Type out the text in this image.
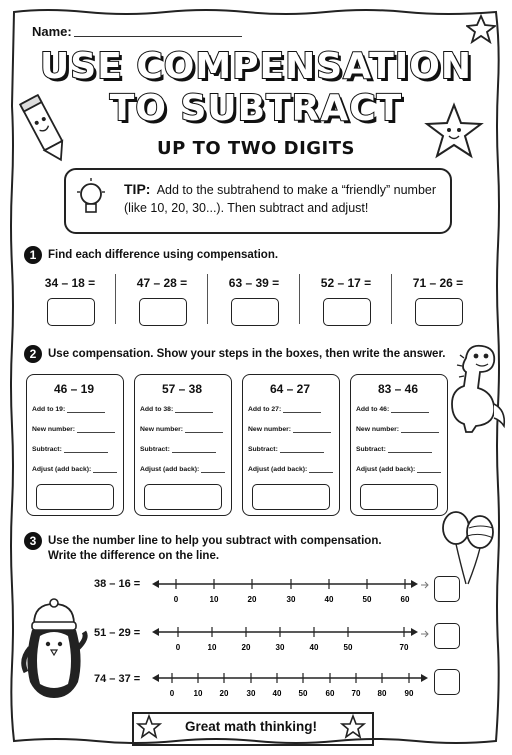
Name:
USE COMPENSATION
TO SUBTRACT
UP TO TWO DIGITS
TIP: Add to the subtrahend to make a “friendly” number
(like 10, 20, 30...). Then subtract and adjust!
1	Find each difference using compensation.
34 – 18 =	47 – 28 =	63 – 39 =	52 – 17 =	71 – 26 =
2	Use compensation. Show your steps in the boxes, then write the answer.
46 – 19
Add to 19:
New number:
Subtract:
Adjust (add back):
57 – 38
Add to 38:
New number:
Subtract:
Adjust (add back):
64 – 27
Add to 27:
New number:
Subtract:
Adjust (add back):
83 – 46
Add to 46:
New number:
Subtract:
Adjust (add back):
3	Use the number line to help you subtract with compensation.
Write the difference on the line.
38 – 16 =
0	10	20	30	40	50	60
51 – 29 =
0	10	20	30	40	50	70
74 – 37 =
0 10 20 30 40 50 60 70 80 90
Great math thinking!
